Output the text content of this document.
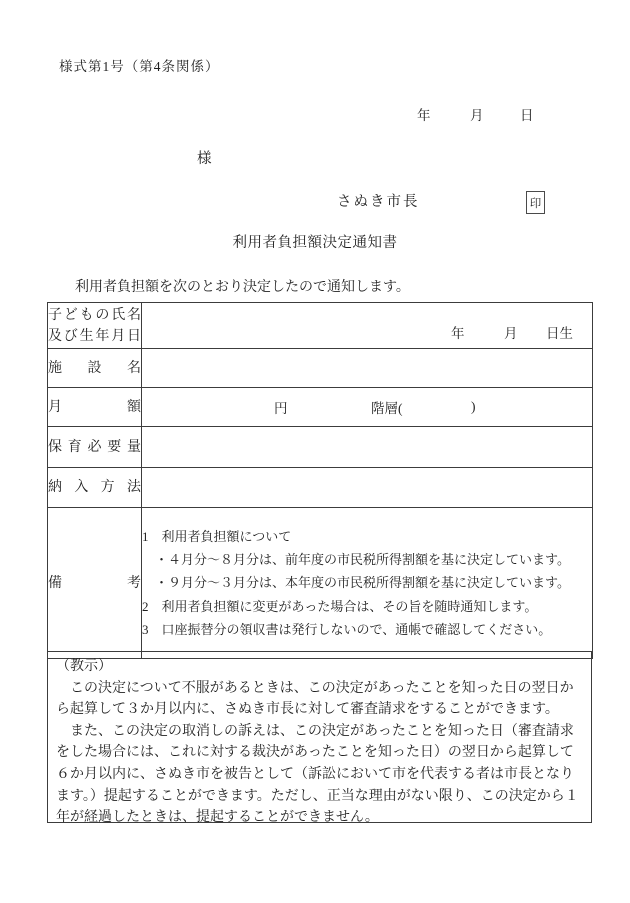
様式第1号（第4条関係）
年	月	日
様
さぬき市長	印
利用者負担額決定通知書
利用者負担額を次のとおり決定したので通知します。
子 ど も の 氏 名
及 び 生 年 月 日	年	月 日生

施 設 名	

月 額	円 階層( )

保 育 必 要 量	

納 入 方 法	

備	考

1　利用者負担額について
　・４月分～８月分は、前年度の市民税所得割額を基に決定しています。
　・９月分～３月分は、本年度の市民税所得割額を基に決定しています。
2　利用者負担額に変更があった場合は、その旨を随時通知します。
3　口座振替分の領収書は発行しないので、通帳で確認してください。
（教示）

この決定について不服があるときは、この決定があったことを知った日の翌日から起算して３か月以内に、さぬき市長に対して審査請求をすることができます。

また、この決定の取消しの訴えは、この決定があったことを知った日（審査請求をした場合には、これに対する裁決があったことを知った日）の翌日から起算して６か月以内に、さぬき市を被告として（訴訟において市を代表する者は市長となります。）提起することができます。ただし、正当な理由がない限り、この決定から１年が経過したときは、提起することができません。
